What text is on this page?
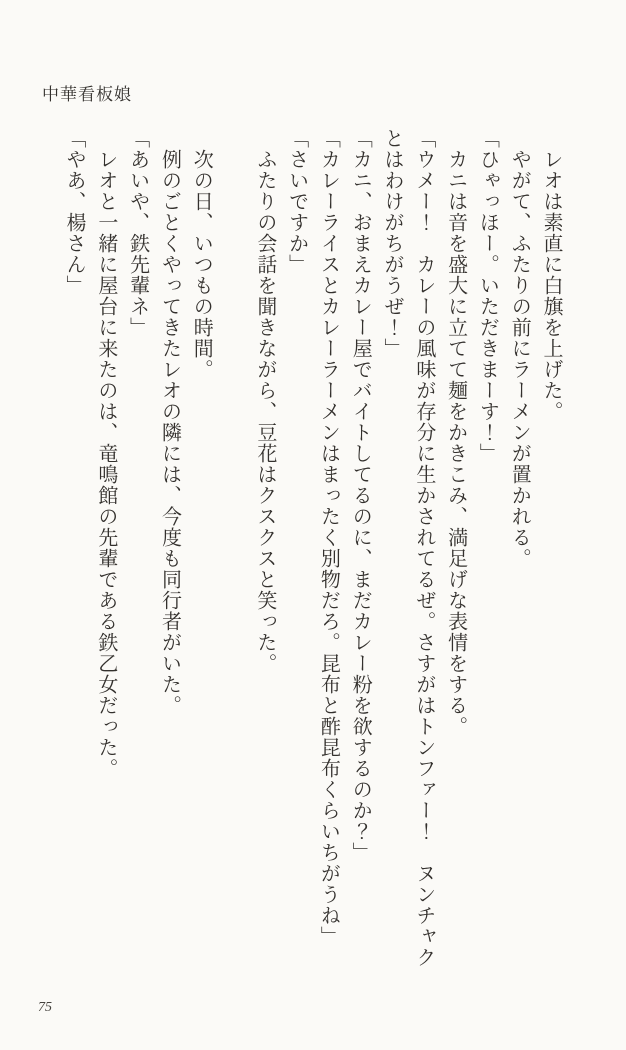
中華看板娘

レオは素直に白旗を上げた。

やがて、ふたりの前にラーメンが置かれる。

「ひゃっほー。いただきまーす！」

カニは音を盛大に立てて麺をかきこみ、満足げな表情をする。

「ウメー！　カレーの風味が存分に生かされてるぜ。さすがはトンファー！　ヌンチャクとはわけがちがうぜ！」

「カニ、おまえカレー屋でバイトしてるのに、まだカレー粉を欲するのか？」

「カレーライスとカレーラーメンはまったく別物だろ。昆布と酢昆布くらいちがうね」

「さいですか」

ふたりの会話を聞きながら、豆花はクスクスと笑った。

次の日、いつもの時間。

例のごとくやってきたレオの隣には、今度も同行者がいた。

「あいや、鉄先輩ネ」

レオと一緒に屋台に来たのは、竜鳴館の先輩である鉄乙女だった。

「やあ、楊さん」

75
